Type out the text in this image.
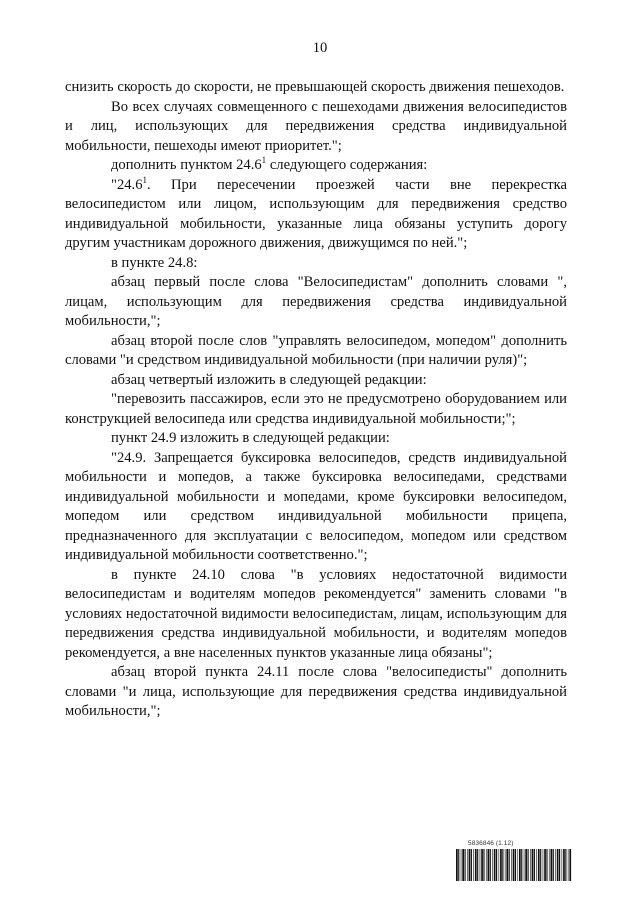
10

снизить скорость до скорости, не превышающей скорость движения пешеходов.

Во всех случаях совмещенного с пешеходами движения велосипедистов и лиц, использующих для передвижения средства индивидуальной мобильности, пешеходы имеют приоритет.";

дополнить пунктом 24.6$^1$ следующего содержания:

"24.6$^1$. При пересечении проезжей части вне перекрестка велосипедистом или лицом, использующим для передвижения средство индивидуальной мобильности, указанные лица обязаны уступить дорогу другим участникам дорожного движения, движущимся по ней.";

в пункте 24.8:

абзац первый после слова "Велосипедистам" дополнить словами ", лицам, использующим для передвижения средства индивидуальной мобильности,";

абзац второй после слов "управлять велосипедом, мопедом" дополнить словами "и средством индивидуальной мобильности (при наличии руля)";

абзац четвертый изложить в следующей редакции:

"перевозить пассажиров, если это не предусмотрено оборудованием или конструкцией велосипеда или средства индивидуальной мобильности;";

пункт 24.9 изложить в следующей редакции:

"24.9. Запрещается буксировка велосипедов, средств индивидуальной мобильности и мопедов, а также буксировка велосипедами, средствами индивидуальной мобильности и мопедами, кроме буксировки велосипедом, мопедом или средством индивидуальной мобильности прицепа, предназначенного для эксплуатации с велосипедом, мопедом или средством индивидуальной мобильности соответственно.";

в пункте 24.10 слова "в условиях недостаточной видимости велосипедистам и водителям мопедов рекомендуется" заменить словами "в условиях недостаточной видимости велосипедистам, лицам, использующим для передвижения средства индивидуальной мобильности, и водителям мопедов рекомендуется, а вне населенных пунктов указанные лица обязаны";

абзац второй пункта 24.11 после слова "велосипедисты" дополнить словами "и лица, использующие для передвижения средства индивидуальной мобильности,";

5836846 (1.12)
